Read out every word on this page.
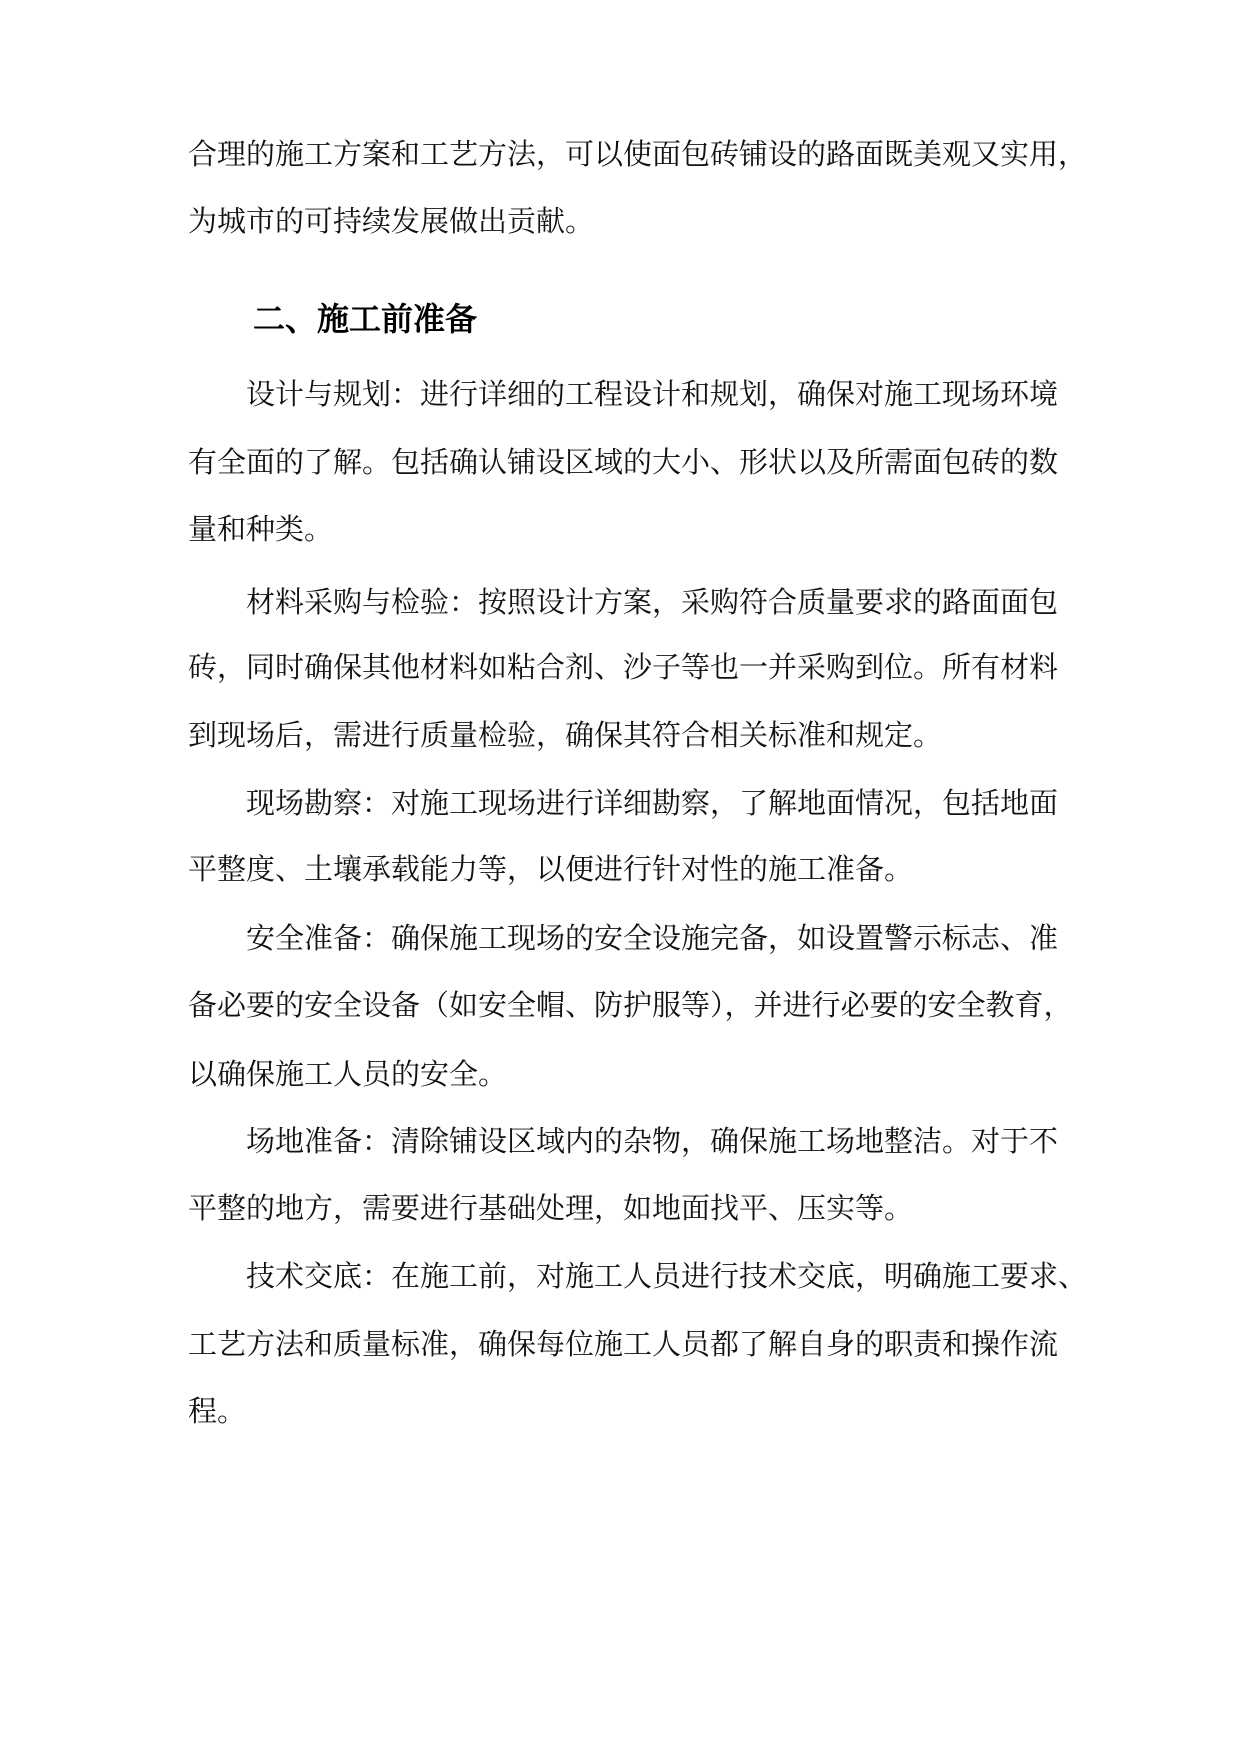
合理的施工方案和工艺方法，可以使面包砖铺设的路面既美观又实用，
为城市的可持续发展做出贡献。
二、施工前准备
设计与规划：进行详细的工程设计和规划，确保对施工现场环境
有全面的了解。包括确认铺设区域的大小、形状以及所需面包砖的数
量和种类。
材料采购与检验：按照设计方案，采购符合质量要求的路面面包
砖，同时确保其他材料如粘合剂、沙子等也一并采购到位。所有材料
到现场后，需进行质量检验，确保其符合相关标准和规定。
现场勘察：对施工现场进行详细勘察，了解地面情况，包括地面
平整度、土壤承载能力等，以便进行针对性的施工准备。
安全准备：确保施工现场的安全设施完备，如设置警示标志、准
备必要的安全设备（如安全帽、防护服等），并进行必要的安全教育，
以确保施工人员的安全。
场地准备：清除铺设区域内的杂物，确保施工场地整洁。对于不
平整的地方，需要进行基础处理，如地面找平、压实等。
技术交底：在施工前，对施工人员进行技术交底，明确施工要求、
工艺方法和质量标准，确保每位施工人员都了解自身的职责和操作流
程。
